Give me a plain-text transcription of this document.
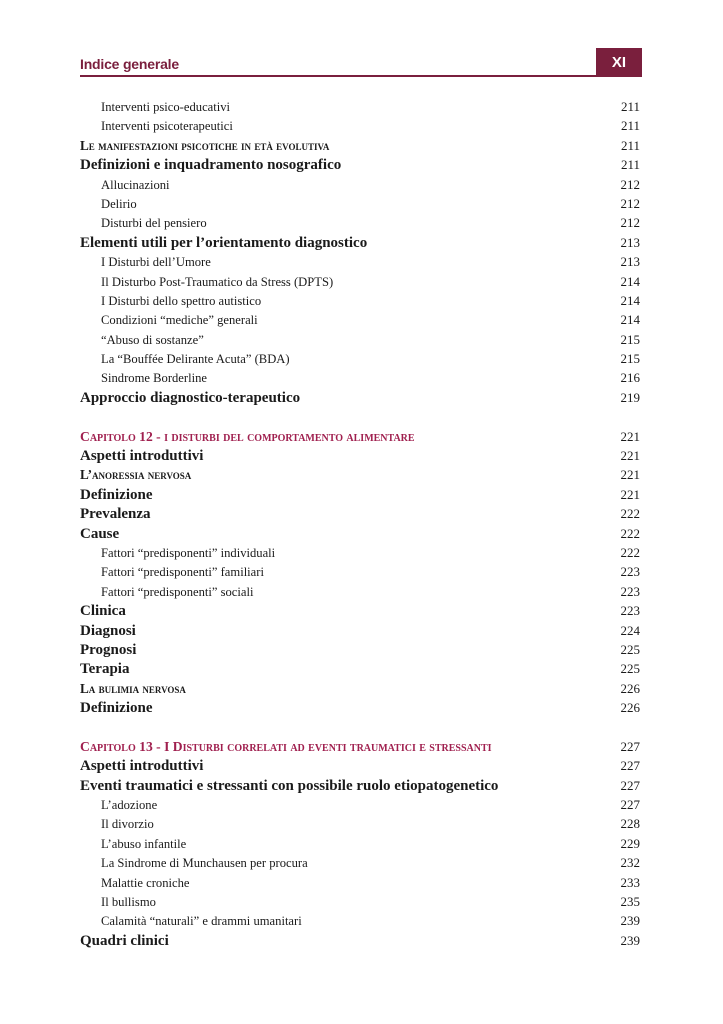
Indice generale	XI
Interventi psico-educativi	211
Interventi psicoterapeutici	211
Le manifestazioni psicotiche in età evolutiva	211
Definizioni e inquadramento nosografico	211
Allucinazioni	212
Delirio	212
Disturbi del pensiero	212
Elementi utili per l’orientamento diagnostico	213
I Disturbi dell’Umore	213
Il Disturbo Post-Traumatico da Stress (DPTS)	214
I Disturbi dello spettro autistico	214
Condizioni “mediche” generali	214
“Abuso di sostanze”	215
La “Bouffée Delirante Acuta” (BDA)	215
Sindrome Borderline	216
Approccio diagnostico-terapeutico	219
Capitolo 12 - i disturbi del comportamento alimentare	221
Aspetti introduttivi	221
L’anoressia nervosa	221
Definizione	221
Prevalenza	222
Cause	222
Fattori “predisponenti” individuali	222
Fattori “predisponenti” familiari	223
Fattori “predisponenti” sociali	223
Clinica	223
Diagnosi	224
Prognosi	225
Terapia	225
La bulimia nervosa	226
Definizione	226
Capitolo 13 - I Disturbi correlati ad eventi traumatici e stressanti	227
Aspetti introduttivi	227
Eventi traumatici e stressanti con possibile ruolo etiopatogenetico	227
L’adozione	227
Il divorzio	228
L’abuso infantile	229
La Sindrome di Munchausen per procura	232
Malattie croniche	233
Il bullismo	235
Calamità “naturali” e drammi umanitari	239
Quadri clinici	239
